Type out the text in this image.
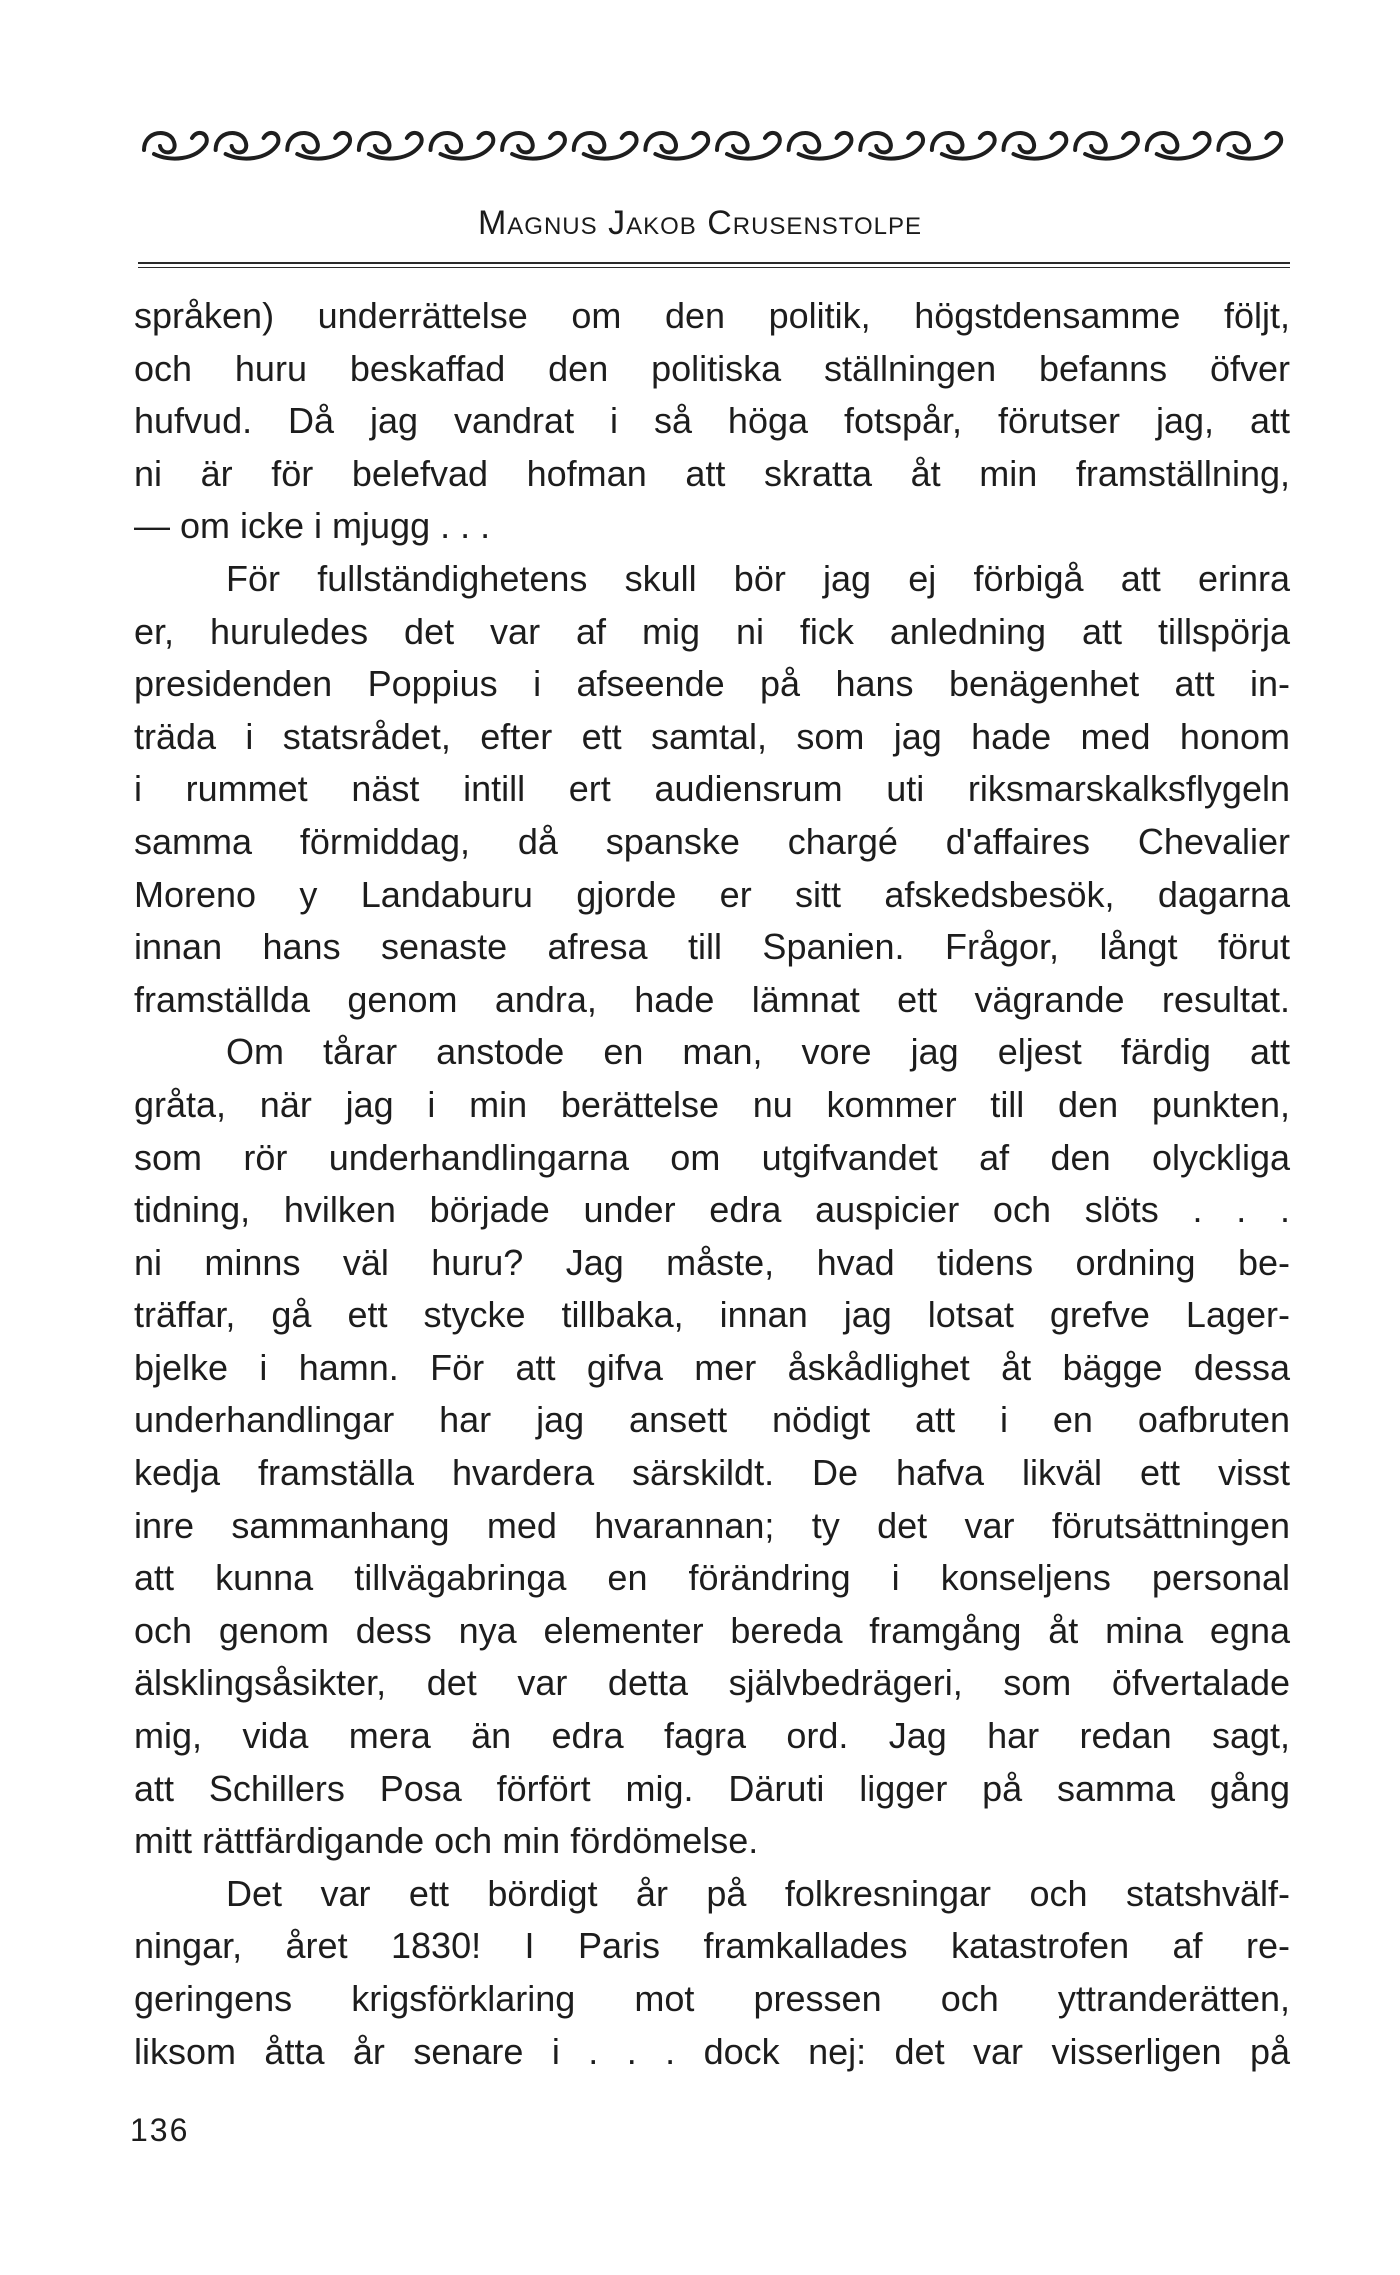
Magnus Jakob Crusenstolpe
språken) underrättelse om den politik, högstdensamme följt,
och huru beskaffad den politiska ställningen befanns öfver
hufvud. Då jag vandrat i så höga fotspår, förutser jag, att
ni är för belefvad hofman att skratta åt min framställning,
— om icke i mjugg . . .
För fullständighetens skull bör jag ej förbigå att erinra
er, huruledes det var af mig ni fick anledning att tillspörja
presidenden Poppius i afseende på hans benägenhet att in-
träda i statsrådet, efter ett samtal, som jag hade med honom
i rummet näst intill ert audiensrum uti riksmarskalksflygeln
samma förmiddag, då spanske chargé d'affaires Chevalier
Moreno y Landaburu gjorde er sitt afskedsbesök, dagarna
innan hans senaste afresa till Spanien. Frågor, långt förut
framställda genom andra, hade lämnat ett vägrande resultat.
Om tårar anstode en man, vore jag eljest färdig att
gråta, när jag i min berättelse nu kommer till den punkten,
som rör underhandlingarna om utgifvandet af den olyckliga
tidning, hvilken började under edra auspicier och slöts . . .
ni minns väl huru? Jag måste, hvad tidens ordning be-
träffar, gå ett stycke tillbaka, innan jag lotsat grefve Lager-
bjelke i hamn. För att gifva mer åskådlighet åt bägge dessa
underhandlingar har jag ansett nödigt att i en oafbruten
kedja framställa hvardera särskildt. De hafva likväl ett visst
inre sammanhang med hvarannan; ty det var förutsättningen
att kunna tillvägabringa en förändring i konseljens personal
och genom dess nya elementer bereda framgång åt mina egna
älsklingsåsikter, det var detta självbedrägeri, som öfvertalade
mig, vida mera än edra fagra ord. Jag har redan sagt,
att Schillers Posa förfört mig. Däruti ligger på samma gång
mitt rättfärdigande och min fördömelse.
Det var ett bördigt år på folkresningar och statshvälf-
ningar, året 1830! I Paris framkallades katastrofen af re-
geringens krigsförklaring mot pressen och yttranderätten,
liksom åtta år senare i . . . dock nej: det var visserligen på
136
